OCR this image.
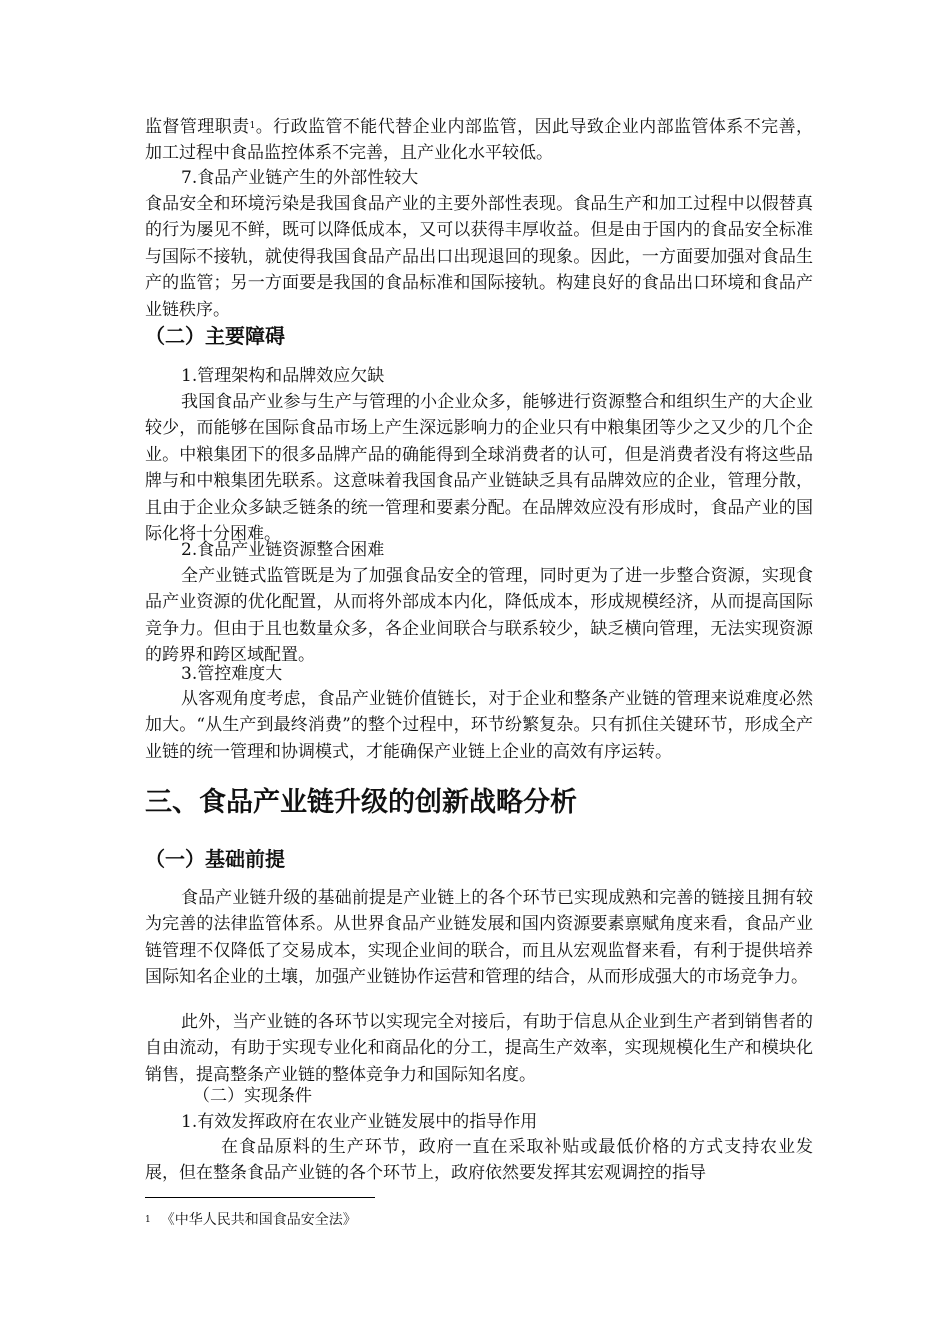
监督管理职责$^1$。行政监管不能代替企业内部监管，因此导致企业内部监管体系不完善，加工过程中食品监控体系不完善，且产业化水平较低。

7.食品产业链产生的外部性较大

食品安全和环境污染是我国食品产业的主要外部性表现。食品生产和加工过程中以假替真的行为屡见不鲜，既可以降低成本，又可以获得丰厚收益。但是由于国内的食品安全标准与国际不接轨，就使得我国食品产品出口出现退回的现象。因此，一方面要加强对食品生产的监管；另一方面要是我国的食品标准和国际接轨。构建良好的食品出口环境和食品产业链秩序。

（二）主要障碍

1.管理架构和品牌效应欠缺

我国食品产业参与生产与管理的小企业众多，能够进行资源整合和组织生产的大企业较少，而能够在国际食品市场上产生深远影响力的企业只有中粮集团等少之又少的几个企业。中粮集团下的很多品牌产品的确能得到全球消费者的认可，但是消费者没有将这些品牌与和中粮集团先联系。这意味着我国食品产业链缺乏具有品牌效应的企业，管理分散，且由于企业众多缺乏链条的统一管理和要素分配。在品牌效应没有形成时，食品产业的国际化将十分困难。

2.食品产业链资源整合困难

全产业链式监管既是为了加强食品安全的管理，同时更为了进一步整合资源，实现食品产业资源的优化配置，从而将外部成本内化，降低成本，形成规模经济，从而提高国际竞争力。但由于且也数量众多，各企业间联合与联系较少，缺乏横向管理，无法实现资源的跨界和跨区域配置。

3.管控难度大

从客观角度考虑，食品产业链价值链长，对于企业和整条产业链的管理来说难度必然加大。“从生产到最终消费”的整个过程中，环节纷繁复杂。只有抓住关键环节，形成全产业链的统一管理和协调模式，才能确保产业链上企业的高效有序运转。

三、食品产业链升级的创新战略分析
（一）基础前提

食品产业链升级的基础前提是产业链上的各个环节已实现成熟和完善的链接且拥有较为完善的法律监管体系。从世界食品产业链发展和国内资源要素禀赋角度来看，食品产业链管理不仅降低了交易成本，实现企业间的联合，而且从宏观监督来看，有利于提供培养国际知名企业的土壤，加强产业链协作运营和管理的结合，从而形成强大的市场竞争力。

此外，当产业链的各环节以实现完全对接后，有助于信息从企业到生产者到销售者的自由流动，有助于实现专业化和商品化的分工，提高生产效率，实现规模化生产和模块化销售，提高整条产业链的整体竞争力和国际知名度。

（二）实现条件

1.有效发挥政府在农业产业链发展中的指导作用

在食品原料的生产环节，政府一直在采取补贴或最低价格的方式支持农业发展，但在整条食品产业链的各个环节上，政府依然要发挥其宏观调控的指导

1 《中华人民共和国食品安全法》
